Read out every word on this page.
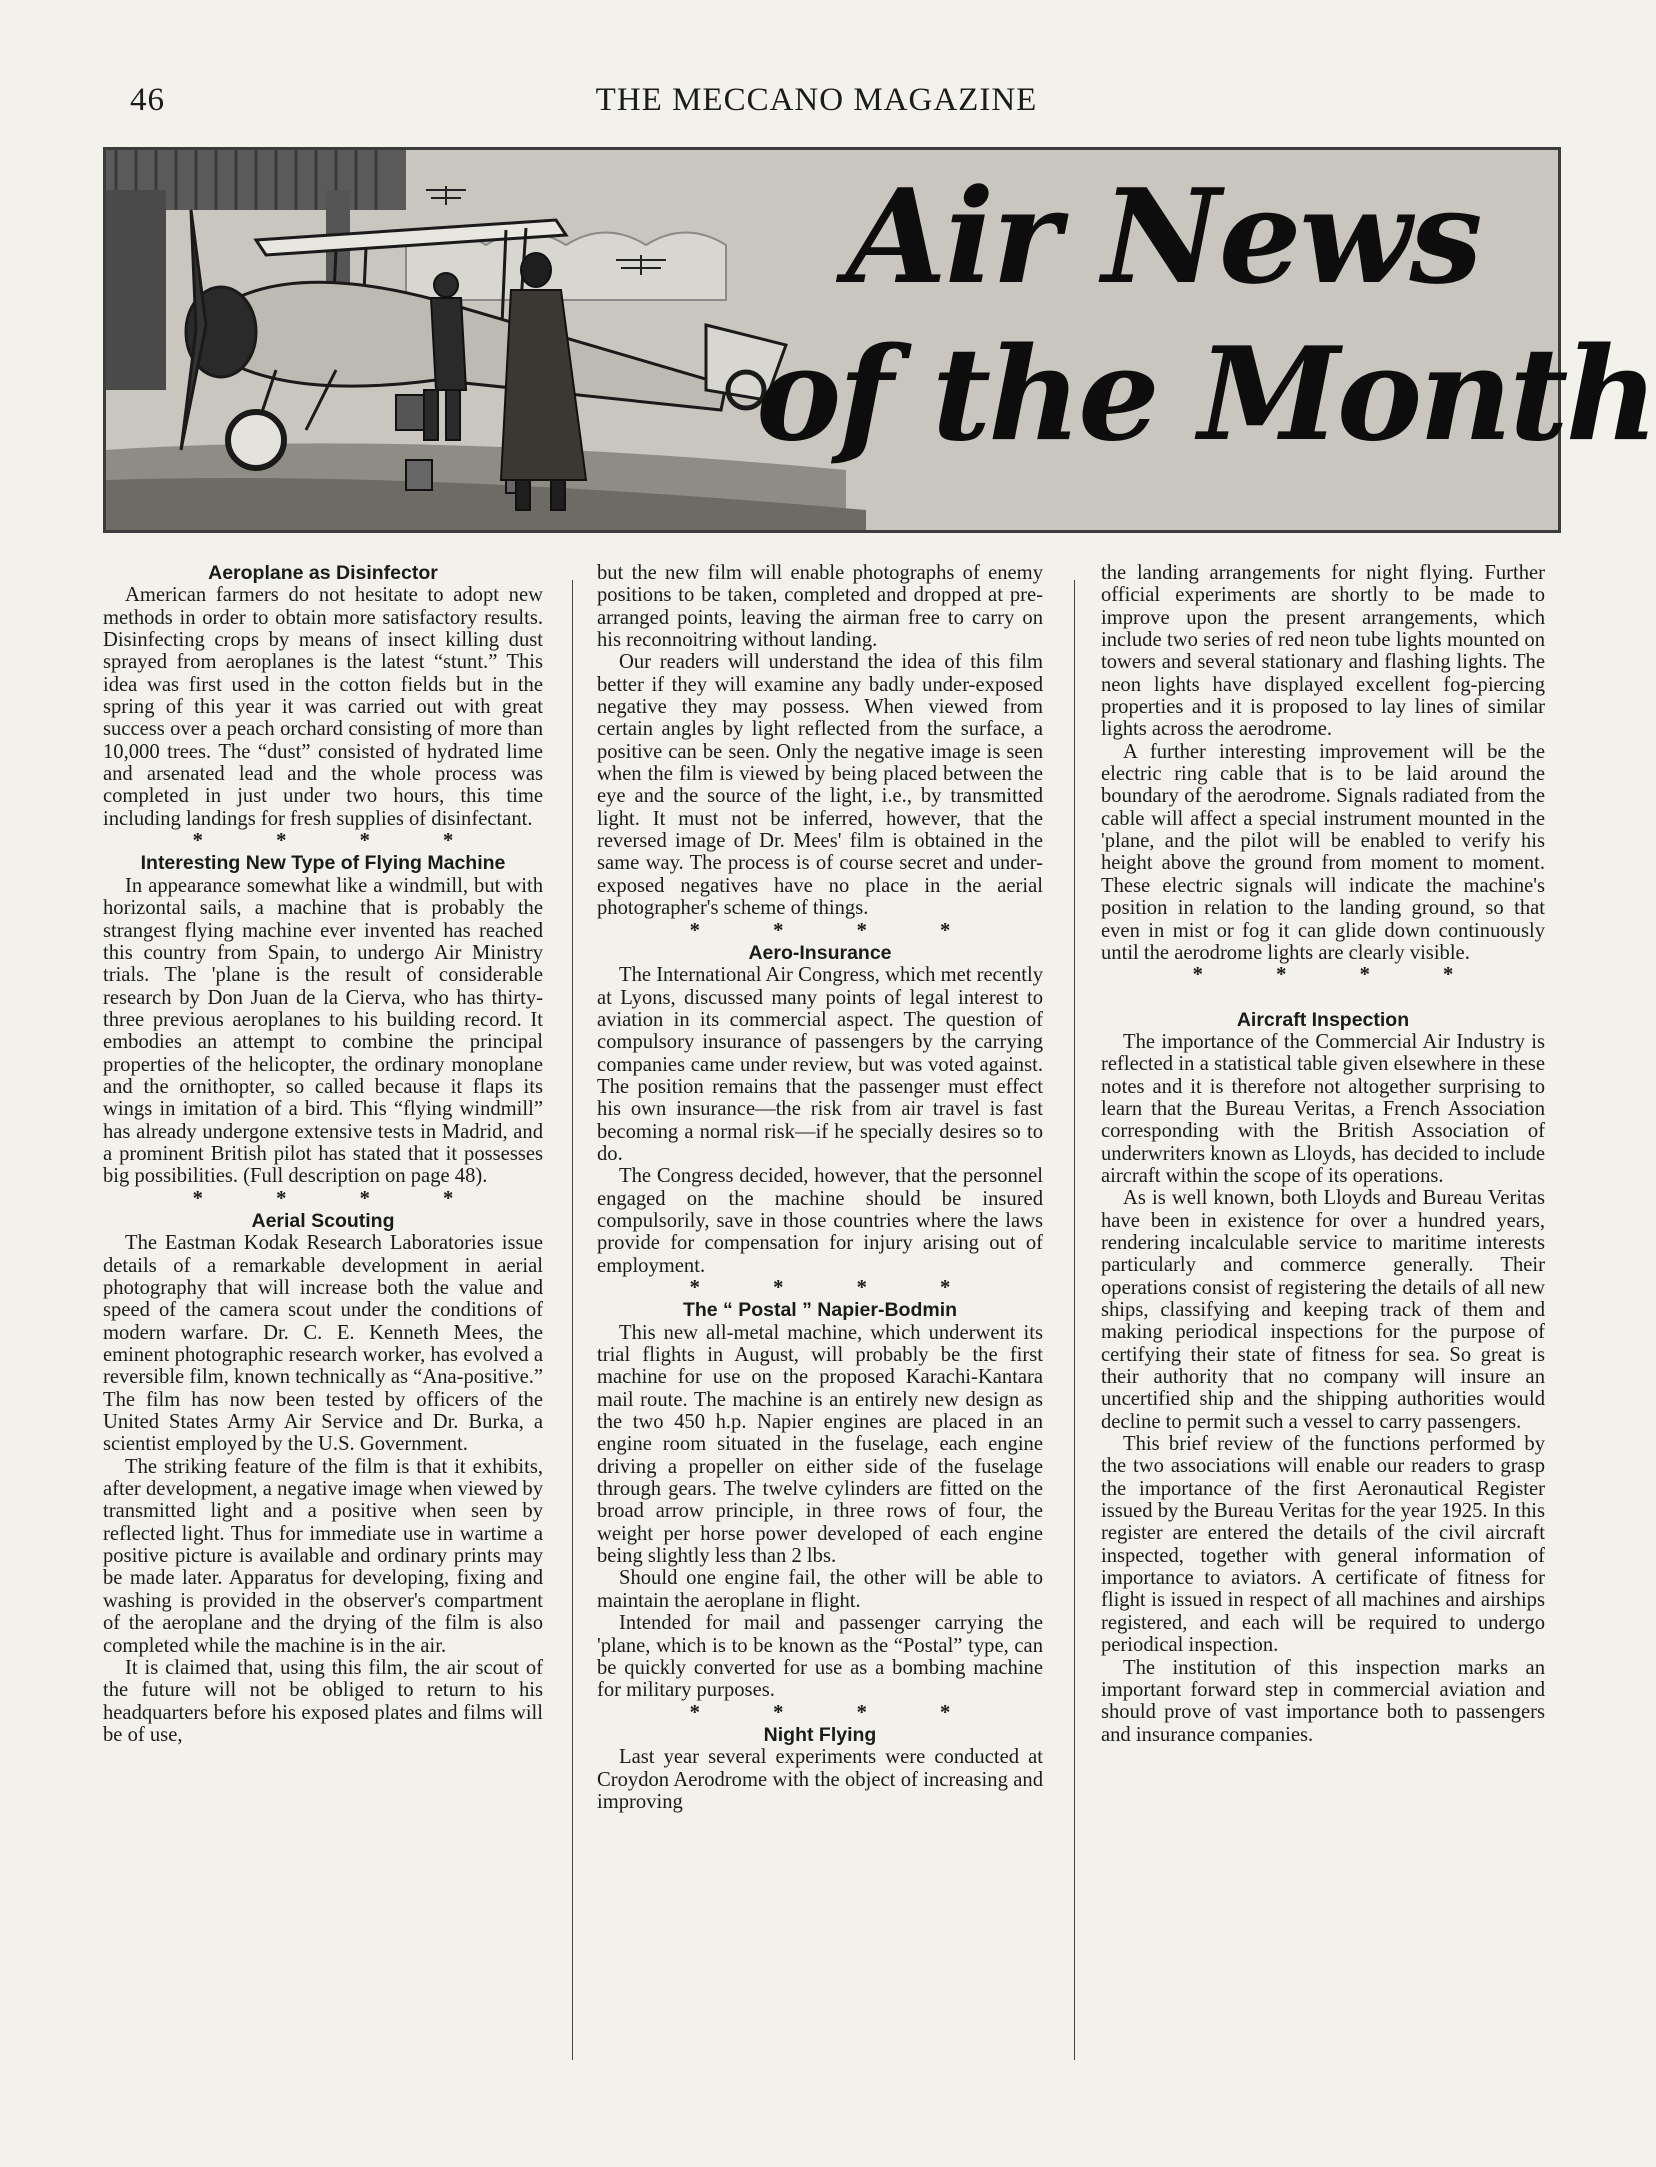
46	THE MECCANO MAGAZINE
Air News
of the Month

Aeroplane as Disinfector

American farmers do not hesitate to adopt new methods in order to obtain more satisfactory results. Disinfecting crops by means of insect killing dust sprayed from aeroplanes is the latest “stunt.” This idea was first used in the cotton fields but in the spring of this year it was carried out with great success over a peach orchard consisting of more than 10,000 trees. The “dust” consisted of hydrated lime and arsenated lead and the whole process was completed in just under two hours, this time including landings for fresh supplies of disinfectant.

* * * *

Interesting New Type of Flying Machine

In appearance somewhat like a windmill, but with horizontal sails, a machine that is probably the strangest flying machine ever invented has reached this country from Spain, to undergo Air Ministry trials. The 'plane is the result of considerable research by Don Juan de la Cierva, who has thirty-three previous aeroplanes to his building record. It embodies an attempt to combine the principal properties of the helicopter, the ordinary monoplane and the ornithopter, so called because it flaps its wings in imitation of a bird. This “flying windmill” has already undergone extensive tests in Madrid, and a prominent British pilot has stated that it possesses big possibilities. (Full description on page 48).

* * * *

Aerial Scouting

The Eastman Kodak Research Laboratories issue details of a remarkable development in aerial photography that will increase both the value and speed of the camera scout under the conditions of modern warfare. Dr. C. E. Kenneth Mees, the eminent photographic research worker, has evolved a reversible film, known technically as “Ana-positive.” The film has now been tested by officers of the United States Army Air Service and Dr. Burka, a scientist employed by the U.S. Government.

The striking feature of the film is that it exhibits, after development, a negative image when viewed by transmitted light and a positive when seen by reflected light. Thus for immediate use in wartime a positive picture is available and ordinary prints may be made later. Apparatus for developing, fixing and washing is provided in the observer's compartment of the aeroplane and the drying of the film is also completed while the machine is in the air.

It is claimed that, using this film, the air scout of the future will not be obliged to return to his headquarters before his exposed plates and films will be of use,

but the new film will enable photographs of enemy positions to be taken, completed and dropped at pre-arranged points, leaving the airman free to carry on his reconnoitring without landing.

Our readers will understand the idea of this film better if they will examine any badly under-exposed negative they may possess. When viewed from certain angles by light reflected from the surface, a positive can be seen. Only the negative image is seen when the film is viewed by being placed between the eye and the source of the light, i.e., by transmitted light. It must not be inferred, however, that the reversed image of Dr. Mees' film is obtained in the same way. The process is of course secret and under-exposed negatives have no place in the aerial photographer's scheme of things.

* * * *

Aero-Insurance

The International Air Congress, which met recently at Lyons, discussed many points of legal interest to aviation in its commercial aspect. The question of compulsory insurance of passengers by the carrying companies came under review, but was voted against. The position remains that the passenger must effect his own insurance—the risk from air travel is fast becoming a normal risk—if he specially desires so to do.

The Congress decided, however, that the personnel engaged on the machine should be insured compulsorily, save in those countries where the laws provide for compensation for injury arising out of employment.

* * * *

The “ Postal ” Napier-Bodmin

This new all-metal machine, which underwent its trial flights in August, will probably be the first machine for use on the proposed Karachi-Kantara mail route. The machine is an entirely new design as the two 450 h.p. Napier engines are placed in an engine room situated in the fuselage, each engine driving a propeller on either side of the fuselage through gears. The twelve cylinders are fitted on the broad arrow principle, in three rows of four, the weight per horse power developed of each engine being slightly less than 2 lbs.

Should one engine fail, the other will be able to maintain the aeroplane in flight.

Intended for mail and passenger carrying the 'plane, which is to be known as the “Postal” type, can be quickly converted for use as a bombing machine for military purposes.

* * * *

Night Flying

Last year several experiments were conducted at Croydon Aerodrome with the object of increasing and improving

the landing arrangements for night flying. Further official experiments are shortly to be made to improve upon the present arrangements, which include two series of red neon tube lights mounted on towers and several stationary and flashing lights. The neon lights have displayed excellent fog-piercing properties and it is proposed to lay lines of similar lights across the aerodrome.

A further interesting improvement will be the electric ring cable that is to be laid around the boundary of the aerodrome. Signals radiated from the cable will affect a special instrument mounted in the 'plane, and the pilot will be enabled to verify his height above the ground from moment to moment. These electric signals will indicate the machine's position in relation to the landing ground, so that even in mist or fog it can glide down continuously until the aerodrome lights are clearly visible.

* * * *

Aircraft Inspection

The importance of the Commercial Air Industry is reflected in a statistical table given elsewhere in these notes and it is therefore not altogether surprising to learn that the Bureau Veritas, a French Association corresponding with the British Association of underwriters known as Lloyds, has decided to include aircraft within the scope of its operations.

As is well known, both Lloyds and Bureau Veritas have been in existence for over a hundred years, rendering incalculable service to maritime interests particularly and commerce generally. Their operations consist of registering the details of all new ships, classifying and keeping track of them and making periodical inspections for the purpose of certifying their state of fitness for sea. So great is their authority that no company will insure an uncertified ship and the shipping authorities would decline to permit such a vessel to carry passengers.

This brief review of the functions performed by the two associations will enable our readers to grasp the importance of the first Aeronautical Register issued by the Bureau Veritas for the year 1925. In this register are entered the details of the civil aircraft inspected, together with general information of importance to aviators. A certificate of fitness for flight is issued in respect of all machines and airships registered, and each will be required to undergo periodical inspection.

The institution of this inspection marks an important forward step in commercial aviation and should prove of vast importance both to passengers and insurance companies.
